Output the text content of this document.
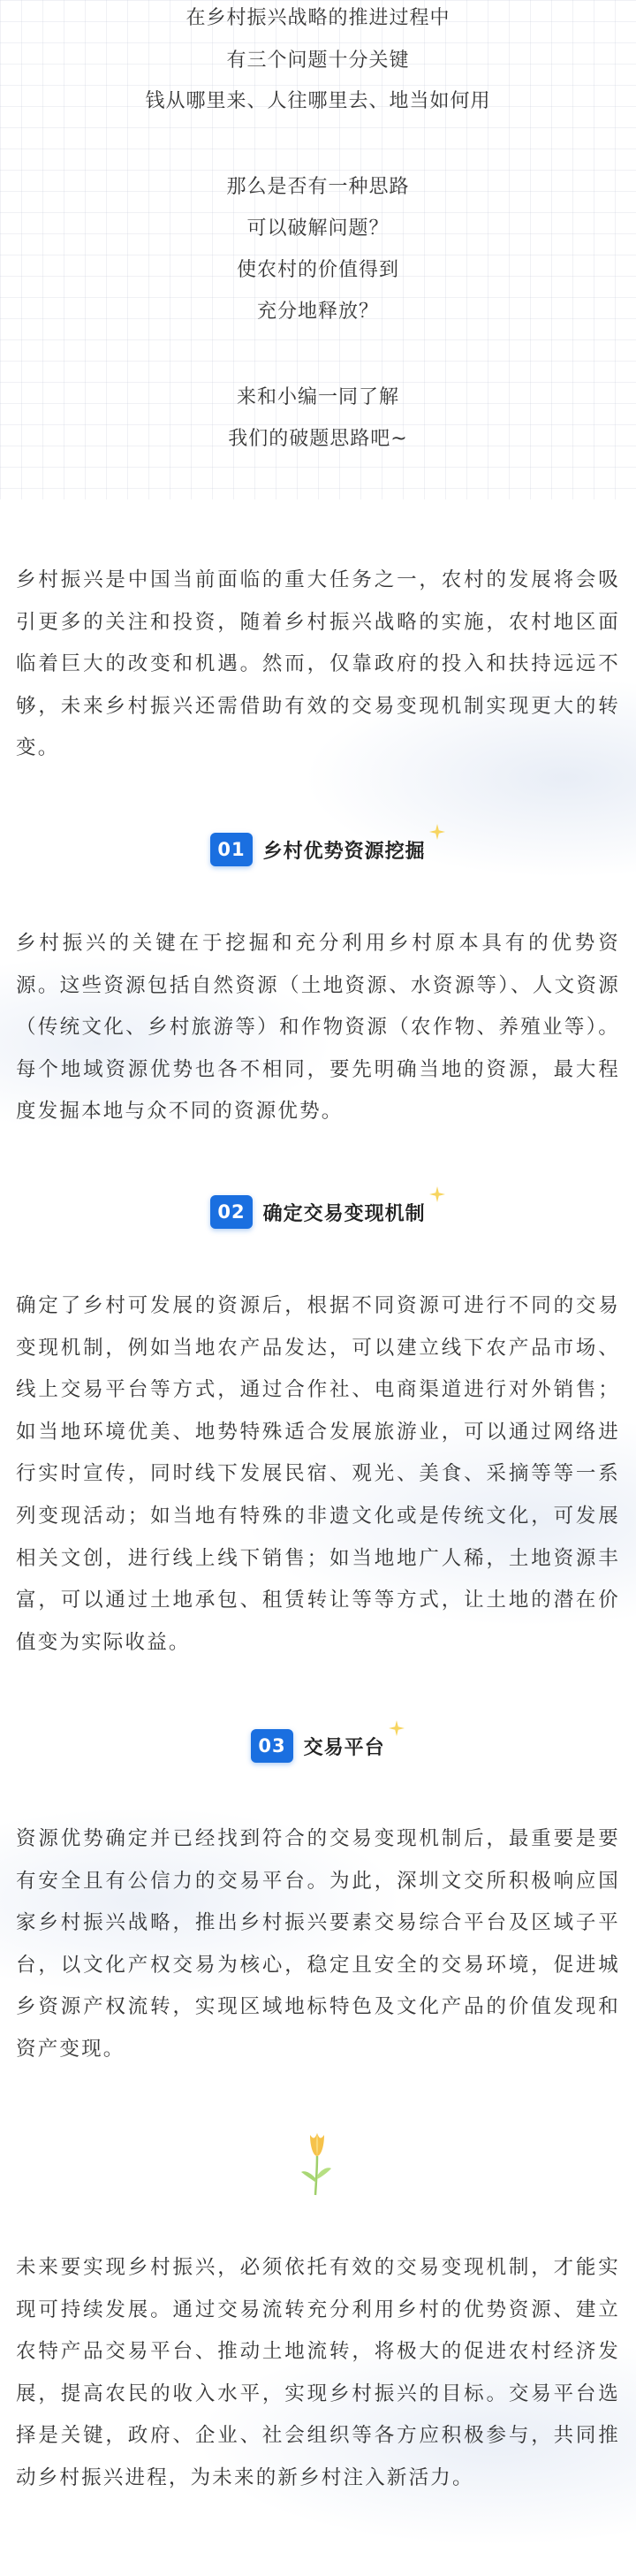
在乡村振兴战略的推进过程中
有三个问题十分关键
钱从哪里来、人往哪里去、地当如何用
那么是否有一种思路
可以破解问题？
使农村的价值得到
充分地释放？
来和小编一同了解
我们的破题思路吧~

乡村振兴是中国当前面临的重大任务之一，农村的发展将会吸引更多的关注和投资，随着乡村振兴战略的实施，农村地区面临着巨大的改变和机遇。然而，仅靠政府的投入和扶持远远不够，未来乡村振兴还需借助有效的交易变现机制实现更大的转变。

01 乡村优势资源挖掘

乡村振兴的关键在于挖掘和充分利用乡村原本具有的优势资源。这些资源包括自然资源（土地资源、水资源等）、人文资源（传统文化、乡村旅游等）和作物资源（农作物、养殖业等）。每个地域资源优势也各不相同，要先明确当地的资源，最大程度发掘本地与众不同的资源优势。

02 确定交易变现机制

确定了乡村可发展的资源后，根据不同资源可进行不同的交易变现机制，例如当地农产品发达，可以建立线下农产品市场、线上交易平台等方式，通过合作社、电商渠道进行对外销售；如当地环境优美、地势特殊适合发展旅游业，可以通过网络进行实时宣传，同时线下发展民宿、观光、美食、采摘等等一系列变现活动；如当地有特殊的非遗文化或是传统文化，可发展相关文创，进行线上线下销售；如当地地广人稀，土地资源丰富，可以通过土地承包、租赁转让等等方式，让土地的潜在价值变为实际收益。

03 交易平台

资源优势确定并已经找到符合的交易变现机制后，最重要是要有安全且有公信力的交易平台。为此，深圳文交所积极响应国家乡村振兴战略，推出乡村振兴要素交易综合平台及区域子平台，以文化产权交易为核心，稳定且安全的交易环境，促进城乡资源产权流转，实现区域地标特色及文化产品的价值发现和资产变现。

未来要实现乡村振兴，必须依托有效的交易变现机制，才能实现可持续发展。通过交易流转充分利用乡村的优势资源、建立农特产品交易平台、推动土地流转，将极大的促进农村经济发展，提高农民的收入水平，实现乡村振兴的目标。交易平台选择是关键，政府、企业、社会组织等各方应积极参与，共同推动乡村振兴进程，为未来的新乡村注入新活力。
